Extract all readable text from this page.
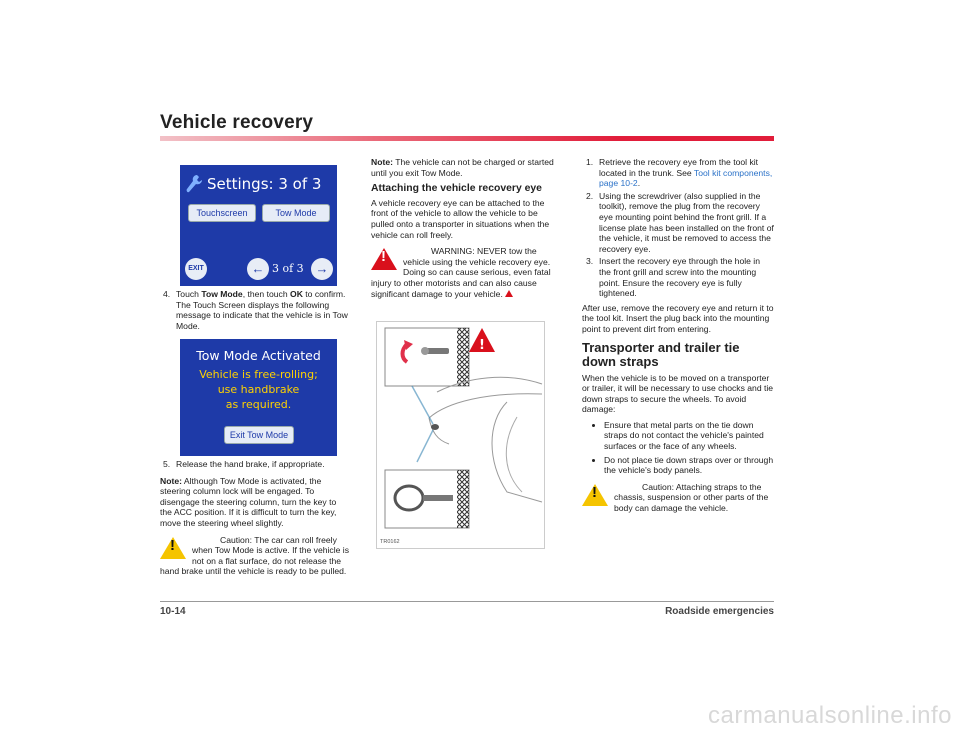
Vehicle recovery
10-14	Roadside emergencies
carmanualsonline.info
Settings: 3 of 3
Touchscreen	Tow Mode
EXIT	← 3 of 3 →
4. Touch Tow Mode, then touch OK to confirm. The Touch Screen displays the following message to indicate that the vehicle is in Tow Mode.
Tow Mode Activated
Vehicle is free-rolling;
use handbrake
as required.
Exit Tow Mode
5. Release the hand brake, if appropriate.

Note: Although Tow Mode is activated, the steering column lock will be engaged. To disengage the steering column, turn the key to the ACC position. If it is difficult to turn the key, move the steering wheel slightly.

!
Caution: The car can roll freely when Tow Mode is active. If the vehicle is not on a flat surface, do not release the hand brake until the vehicle is ready to be pulled.

Note: The vehicle can not be charged or started until you exit Tow Mode.

Attaching the vehicle recovery eye

A vehicle recovery eye can be attached to the front of the vehicle to allow the vehicle to be pulled onto a transporter in situations when the vehicle can roll freely.

!
WARNING: NEVER tow the vehicle using the vehicle recovery eye. Doing so can cause serious, even fatal injury to other motorists and can also cause significant damage to your vehicle.
!
TR0162
1. Retrieve the recovery eye from the tool kit located in the trunk. See Tool kit components, page 10-2.
2. Using the screwdriver (also supplied in the toolkit), remove the plug from the recovery eye mounting point behind the front grill. If a license plate has been installed on the front of the vehicle, it must be removed to access the recovery eye.
3. Insert the recovery eye through the hole in the front grill and screw into the mounting point. Ensure the recovery eye is fully tightened.

After use, remove the recovery eye and return it to the tool kit. Insert the plug back into the mounting point to prevent dirt from entering.

Transporter and trailer tie down straps

When the vehicle is to be moved on a transporter or trailer, it will be necessary to use chocks and tie down straps to secure the wheels. To avoid damage:

• Ensure that metal parts on the tie down straps do not contact the vehicle's painted surfaces or the face of any wheels.
• Do not place tie down straps over or through the vehicle's body panels.
!
Caution: Attaching straps to the chassis, suspension or other parts of the body can damage the vehicle.
